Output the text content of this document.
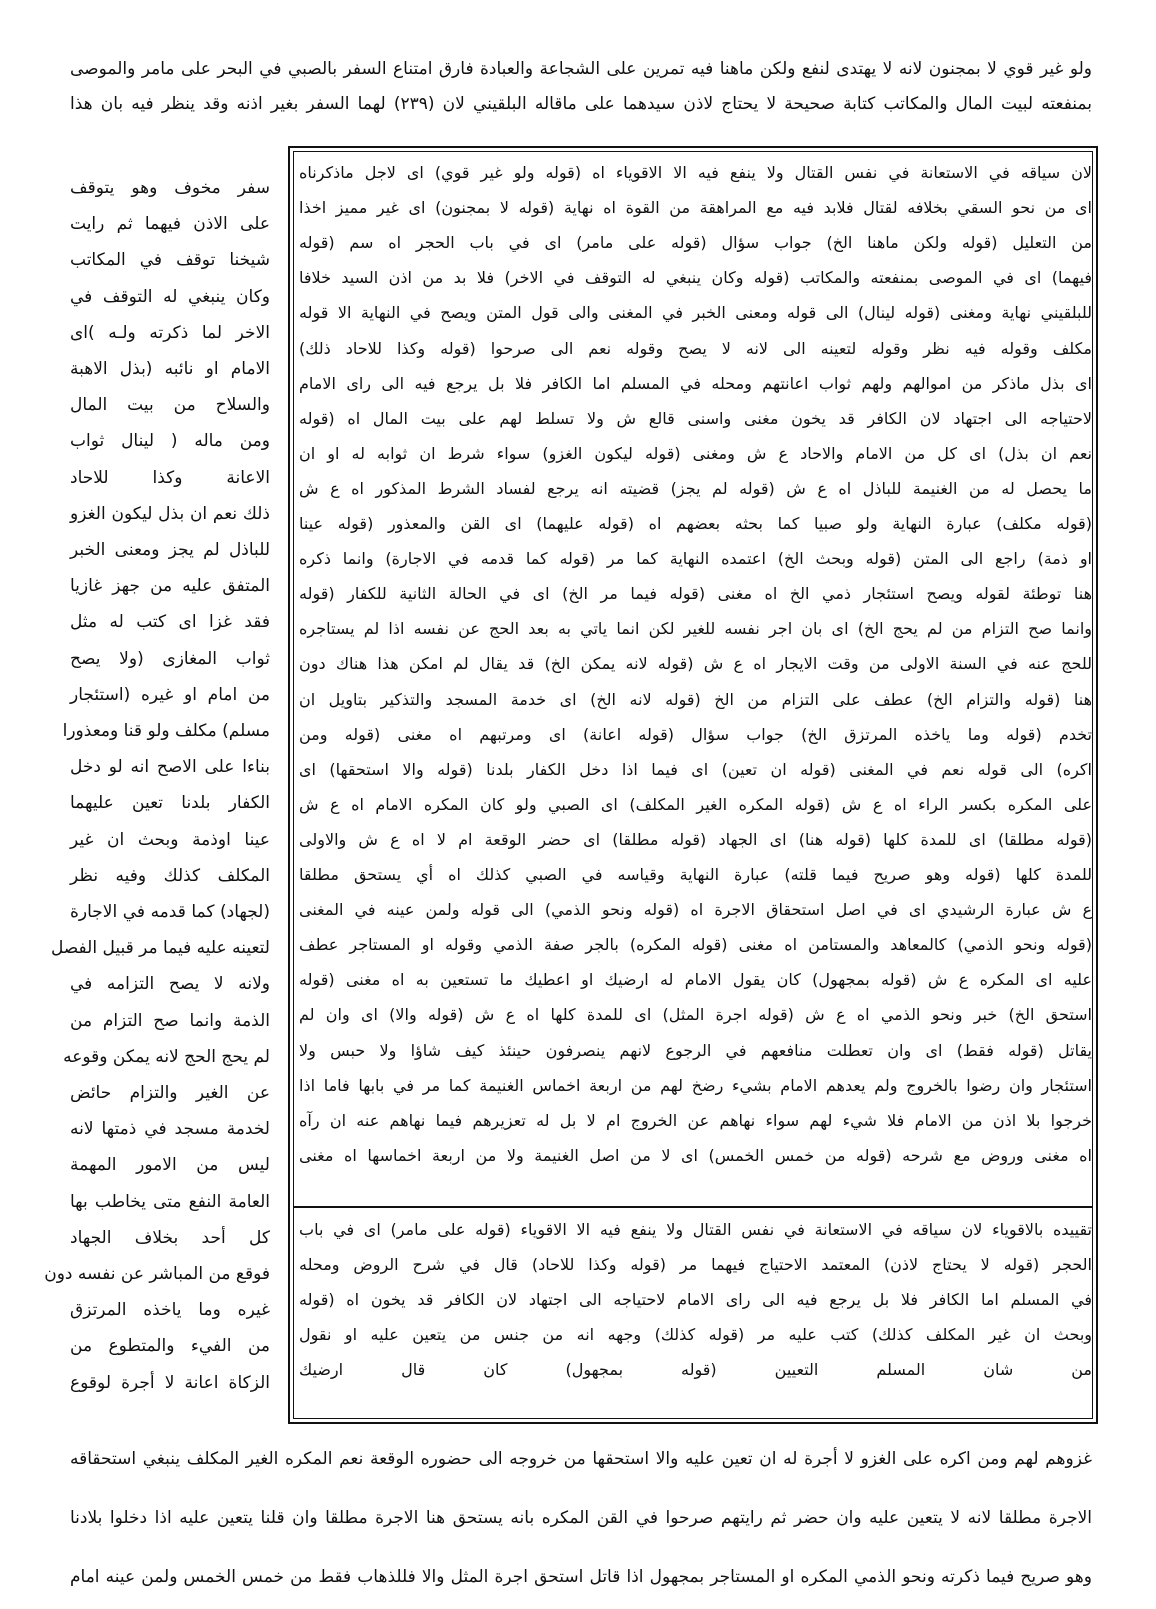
ولو غير قوي لا بمجنون لانه لا يهتدى لنفع ولكن ماهنا فيه تمرين على الشجاعة والعبادة فارق امتناع السفر بالصبي في البحر على مامر والموصى
بمنفعته لبيت المال والمكاتب كتابة صحيحة لا يحتاج لاذن سيدهما على ماقاله البلقيني لان (٢٣٩) لهما السفر بغير اذنه وقد ينظر فيه بان هذا
سفر مخوف وهو يتوقف
على الاذن فيهما ثم رايت
شيخنا توقف في المكاتب
وكان ينبغي له التوقف في
الاخر لما ذكرته ولـه )اى
الامام او نائبه (بذل الاهبة
والسلاح من بيت المال
ومن ماله ( لينال ثواب
الاعانة وكذا للاحاد
ذلك نعم ان بذل ليكون الغزو
للباذل لم يجز ومعنى الخبر
المتفق عليه من جهز غازيا
فقد غزا اى كتب له مثل
ثواب المغازى (ولا يصح
من امام او غيره (استئجار
مسلم) مكلف ولو قنا ومعذورا
بناءا على الاصح انه لو دخل
الكفار بلدنا تعين عليهما
عينا اوذمة وبحث ان غير
المكلف كذلك وفيه نظر
(لجهاد) كما قدمه في الاجارة
لتعينه عليه فيما مر قبيل الفصل
ولانه لا يصح التزامه في
الذمة وانما صح التزام من
لم يحج الحج لانه يمكن وقوعه
عن الغير والتزام حائض
لخدمة مسجد في ذمتها لانه
ليس من الامور المهمة
العامة النفع متى يخاطب بها
كل أحد بخلاف الجهاد
فوقع من المباشر عن نفسه دون
غيره وما ياخذه المرتزق
من الفيء والمتطوع من
الزكاة اعانة لا أجرة لوقوع
لان سياقه في الاستعانة في نفس القتال ولا ينفع فيه الا الاقوياء اه (قوله ولو غير قوي) اى لاجل ماذكرناه
اى من نحو السقي بخلافه لقتال فلابد فيه مع المراهقة من القوة اه نهاية (قوله لا بمجنون) اى غير مميز اخذا
من التعليل (قوله ولكن ماهنا الخ) جواب سؤال (قوله على مامر) اى في باب الحجر اه سم (قوله
فيهما) اى في الموصى بمنفعته والمكاتب (قوله وكان ينبغي له التوقف في الاخر) فلا بد من اذن السيد خلافا
للبلقيني نهاية ومغنى (قوله لينال) الى قوله ومعنى الخبر في المغنى والى قول المتن ويصح في النهاية الا قوله
مكلف وقوله فيه نظر وقوله لتعينه الى لانه لا يصح وقوله نعم الى صرحوا (قوله وكذا للاحاد ذلك)
اى بذل ماذكر من اموالهم ولهم ثواب اعانتهم ومحله في المسلم اما الكافر فلا بل يرجع فيه الى راى الامام
لاحتياجه الى اجتهاد لان الكافر قد يخون مغنى واسنى قالع ش ولا تسلط لهم على بيت المال اه (قوله
نعم ان بذل) اى كل من الامام والاحاد ع ش ومغنى (قوله ليكون الغزو) سواء شرط ان ثوابه له او ان
ما يحصل له من الغنيمة للباذل اه ع ش (قوله لم يجز) قضيته انه يرجع لفساد الشرط المذكور اه ع ش
(قوله مكلف) عبارة النهاية ولو صبيا كما بحثه بعضهم اه (قوله عليهما) اى القن والمعذور (قوله عينا
او ذمة) راجع الى المتن (قوله وبحث الخ) اعتمده النهاية كما مر (قوله كما قدمه في الاجارة) وانما ذكره
هنا توطئة لقوله ويصح استئجار ذمي الخ اه مغنى (قوله فيما مر الخ) اى في الحالة الثانية للكفار (قوله
وانما صح التزام من لم يحج الخ) اى بان اجر نفسه للغير لكن انما ياتي به بعد الحج عن نفسه اذا لم يستاجره
للحج عنه في السنة الاولى من وقت الايجار اه ع ش (قوله لانه يمكن الخ) قد يقال لم امكن هذا هناك دون
هنا (قوله والتزام الخ) عطف على التزام من الخ (قوله لانه الخ) اى خدمة المسجد والتذكير بتاويل ان
تخدم (قوله وما ياخذه المرتزق الخ) جواب سؤال (قوله اعانة) اى ومرتبهم اه مغنى (قوله ومن
اكره) الى قوله نعم في المغنى (قوله ان تعين) اى فيما اذا دخل الكفار بلدنا (قوله والا استحقها) اى
على المكره بكسر الراء اه ع ش (قوله المكره الغير المكلف) اى الصبي ولو كان المكره الامام اه ع ش
(قوله مطلقا) اى للمدة كلها (قوله هنا) اى الجهاد (قوله مطلقا) اى حضر الوقعة ام لا اه ع ش والاولى
للمدة كلها (قوله وهو صريح فيما قلته) عبارة النهاية وقياسه في الصبي كذلك اه أي يستحق مطلقا
ع ش عبارة الرشيدي اى في اصل استحقاق الاجرة اه (قوله ونحو الذمي) الى قوله ولمن عينه في المغنى
(قوله ونحو الذمي) كالمعاهد والمستامن اه مغنى (قوله المكره) بالجر صفة الذمي وقوله او المستاجر عطف
عليه اى المكره ع ش (قوله بمجهول) كان يقول الامام له ارضيك او اعطيك ما تستعين به اه مغنى (قوله
استحق الخ) خبر ونحو الذمي اه ع ش (قوله اجرة المثل) اى للمدة كلها اه ع ش (قوله والا) اى وان لم
يقاتل (قوله فقط) اى وان تعطلت منافعهم في الرجوع لانهم ينصرفون حينئذ كيف شاؤا ولا حبس ولا
استئجار وان رضوا بالخروج ولم يعدهم الامام بشيء رضخ لهم من اربعة اخماس الغنيمة كما مر في بابها فاما اذا
خرجوا بلا اذن من الامام فلا شيء لهم سواء نهاهم عن الخروج ام لا بل له تعزيرهم فيما نهاهم عنه ان رآه
اه مغنى وروض مع شرحه (قوله من خمس الخمس) اى لا من اصل الغنيمة ولا من اربعة اخماسها اه مغنى
تقييده بالاقوياء لان سياقه في الاستعانة في نفس القتال ولا ينفع فيه الا الاقوياء (قوله على مامر) اى في باب
الحجر (قوله لا يحتاج لاذن) المعتمد الاحتياج فيهما مر (قوله وكذا للاحاد) قال في شرح الروض ومحله
في المسلم اما الكافر فلا بل يرجع فيه الى راى الامام لاحتياجه الى اجتهاد لان الكافر قد يخون اه (قوله
وبحث ان غير المكلف كذلك) كتب عليه مر (قوله كذلك) وجهه انه من جنس من يتعين عليه او نقول
من شان المسلم التعيين (قوله بمجهول) كان قال ارضيك
غزوهم لهم ومن اكره على الغزو لا أجرة له ان تعين عليه والا استحقها من خروجه الى حضوره الوقعة نعم المكره الغير المكلف ينبغي استحقاقه
الاجرة مطلقا لانه لا يتعين عليه وان حضر ثم رايتهم صرحوا في القن المكره بانه يستحق هنا الاجرة مطلقا وان قلنا يتعين عليه اذا دخلوا بلادنا
وهو صريح فيما ذكرته ونحو الذمي المكره او المستاجر بمجهول اذا قاتل استحق اجرة المثل والا فللذهاب فقط من خمس الخمس ولمن عينه امام
